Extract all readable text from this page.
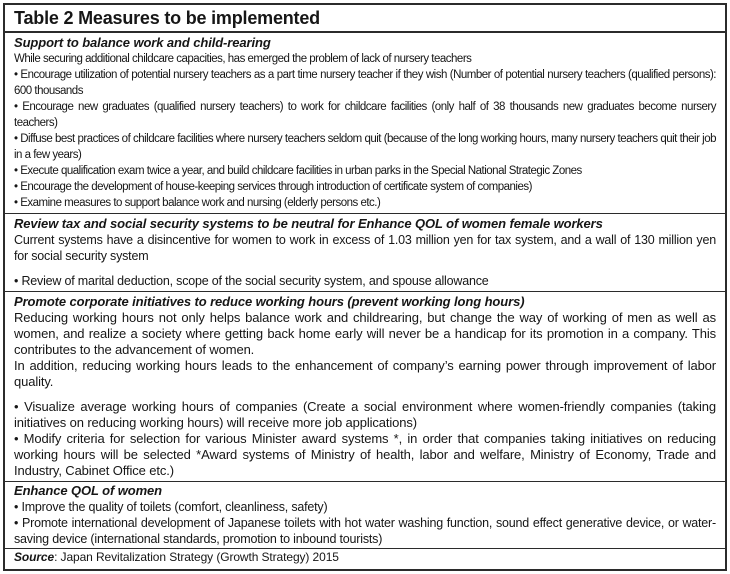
Table 2 Measures to be implemented
Support to balance work and child-rearing

While securing additional childcare capacities, has emerged the problem of lack of nursery teachers

• Encourage utilization of potential nursery teachers as a part time nursery teacher if they wish (Number of potential nursery teachers (qualified persons): 600 thousands

• Encourage new graduates (qualified nursery teachers) to work for childcare facilities (only half of 38 thousands new graduates become nursery teachers)

• Diffuse best practices of childcare facilities where nursery teachers seldom quit (because of the long working hours, many nursery teachers quit their job in a few years)

• Execute qualification exam twice a year, and build childcare facilities in urban parks in the Special National Strategic Zones

• Encourage the development of house-keeping services through introduction of certificate system of companies)

• Examine measures to support balance work and nursing (elderly persons etc.)

Review tax and social security systems to be neutral for Enhance QOL of women female workers

Current systems have a disincentive for women to work in excess of 1.03 million yen for tax system, and a wall of 130 million yen for social security system

• Review of marital deduction, scope of the social security system, and spouse allowance

Promote corporate initiatives to reduce working hours (prevent working long hours)

Reducing working hours not only helps balance work and childrearing, but change the way of working of men as well as women, and realize a society where getting back home early will never be a handicap for its promotion in a company. This contributes to the advancement of women.

In addition, reducing working hours leads to the enhancement of company’s earning power through improvement of labor quality.

• Visualize average working hours of companies (Create a social environment where women-friendly companies (taking initiatives on reducing working hours) will receive more job applications)

• Modify criteria for selection for various Minister award systems *, in order that companies taking initiatives on reducing working hours will be selected *Award systems of Ministry of health, labor and welfare, Ministry of Economy, Trade and Industry, Cabinet Office etc.)

Enhance QOL of women

• Improve the quality of toilets (comfort, cleanliness, safety)

• Promote international development of Japanese toilets with hot water washing function, sound effect generative device, or water-saving device (international standards, promotion to inbound tourists)

Source: Japan Revitalization Strategy (Growth Strategy) 2015
